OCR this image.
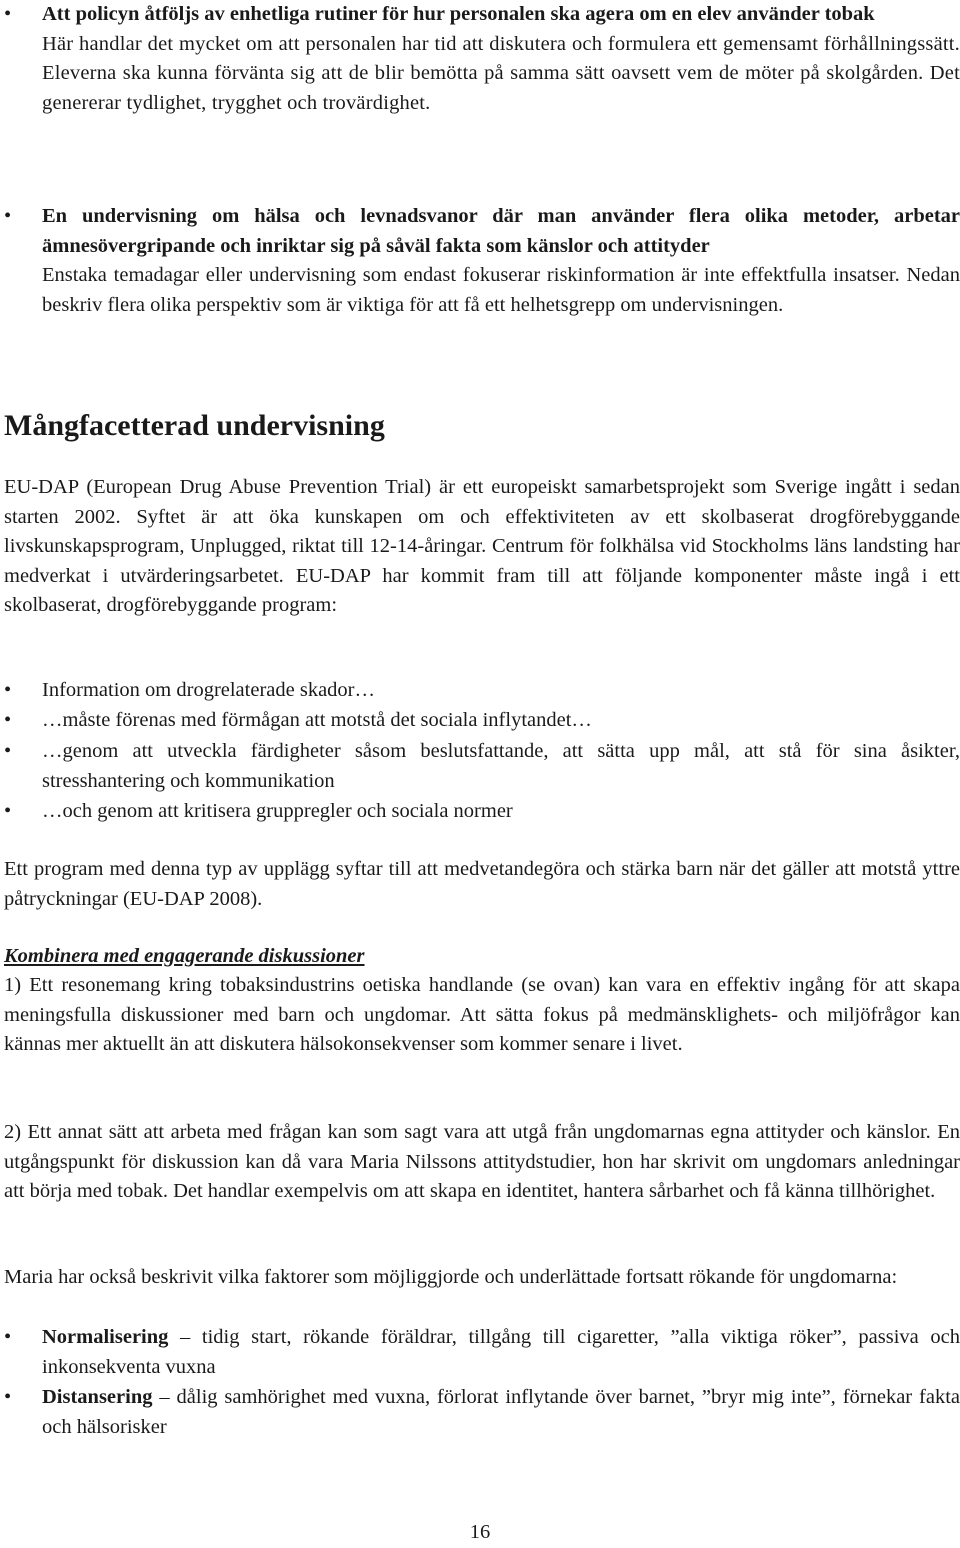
•	Att policyn åtföljs av enhetliga rutiner för hur personalen ska agera om en elev använder tobak
Här handlar det mycket om att personalen har tid att diskutera och formulera ett gemensamt förhållningssätt. Eleverna ska kunna förvänta sig att de blir bemötta på samma sätt oavsett vem de möter på skolgården. Det genererar tydlighet, trygghet och trovärdighet.
•	En undervisning om hälsa och levnadsvanor där man använder flera olika metoder, arbetar ämnesövergripande och inriktar sig på såväl fakta som känslor och attityder
Enstaka temadagar eller undervisning som endast fokuserar riskinformation är inte effektfulla insatser. Nedan beskriv flera olika perspektiv som är viktiga för att få ett helhetsgrepp om undervisningen.
Mångfacetterad undervisning

EU-DAP (European Drug Abuse Prevention Trial) är ett europeiskt samarbetsprojekt som Sverige ingått i sedan starten 2002. Syftet är att öka kunskapen om och effektiviteten av ett skolbaserat drogförebyggande livskunskapsprogram, Unplugged, riktat till 12-14-åringar. Centrum för folkhälsa vid Stockholms läns landsting har medverkat i utvärderingsarbetet. EU-DAP har kommit fram till att följande komponenter måste ingå i ett skolbaserat, drogförebyggande program:

•	Information om drogrelaterade skador…
•	…måste förenas med förmågan att motstå det sociala inflytandet…
•	…genom att utveckla färdigheter såsom beslutsfattande, att sätta upp mål, att stå för sina åsikter, stresshantering och kommunikation
•	…och genom att kritisera gruppregler och sociala normer

Ett program med denna typ av upplägg syftar till att medvetandegöra och stärka barn när det gäller att motstå yttre påtryckningar (EU-DAP 2008).

Kombinera med engagerande diskussioner

1) Ett resonemang kring tobaksindustrins oetiska handlande (se ovan) kan vara en effektiv ingång för att skapa meningsfulla diskussioner med barn och ungdomar. Att sätta fokus på medmänsklighets- och miljöfrågor kan kännas mer aktuellt än att diskutera hälsokonsekvenser som kommer senare i livet.

2) Ett annat sätt att arbeta med frågan kan som sagt vara att utgå från ungdomarnas egna attityder och känslor. En utgångspunkt för diskussion kan då vara Maria Nilssons attitydstudier, hon har skrivit om ungdomars anledningar att börja med tobak. Det handlar exempelvis om att skapa en identitet, hantera sårbarhet och få känna tillhörighet.

Maria har också beskrivit vilka faktorer som möjliggjorde och underlättade fortsatt rökande för ungdomarna:

•	Normalisering – tidig start, rökande föräldrar, tillgång till cigaretter, ”alla viktiga röker”, passiva och inkonsekventa vuxna
•	Distansering – dålig samhörighet med vuxna, förlorat inflytande över barnet, ”bryr mig inte”, förnekar fakta och hälsorisker
16
